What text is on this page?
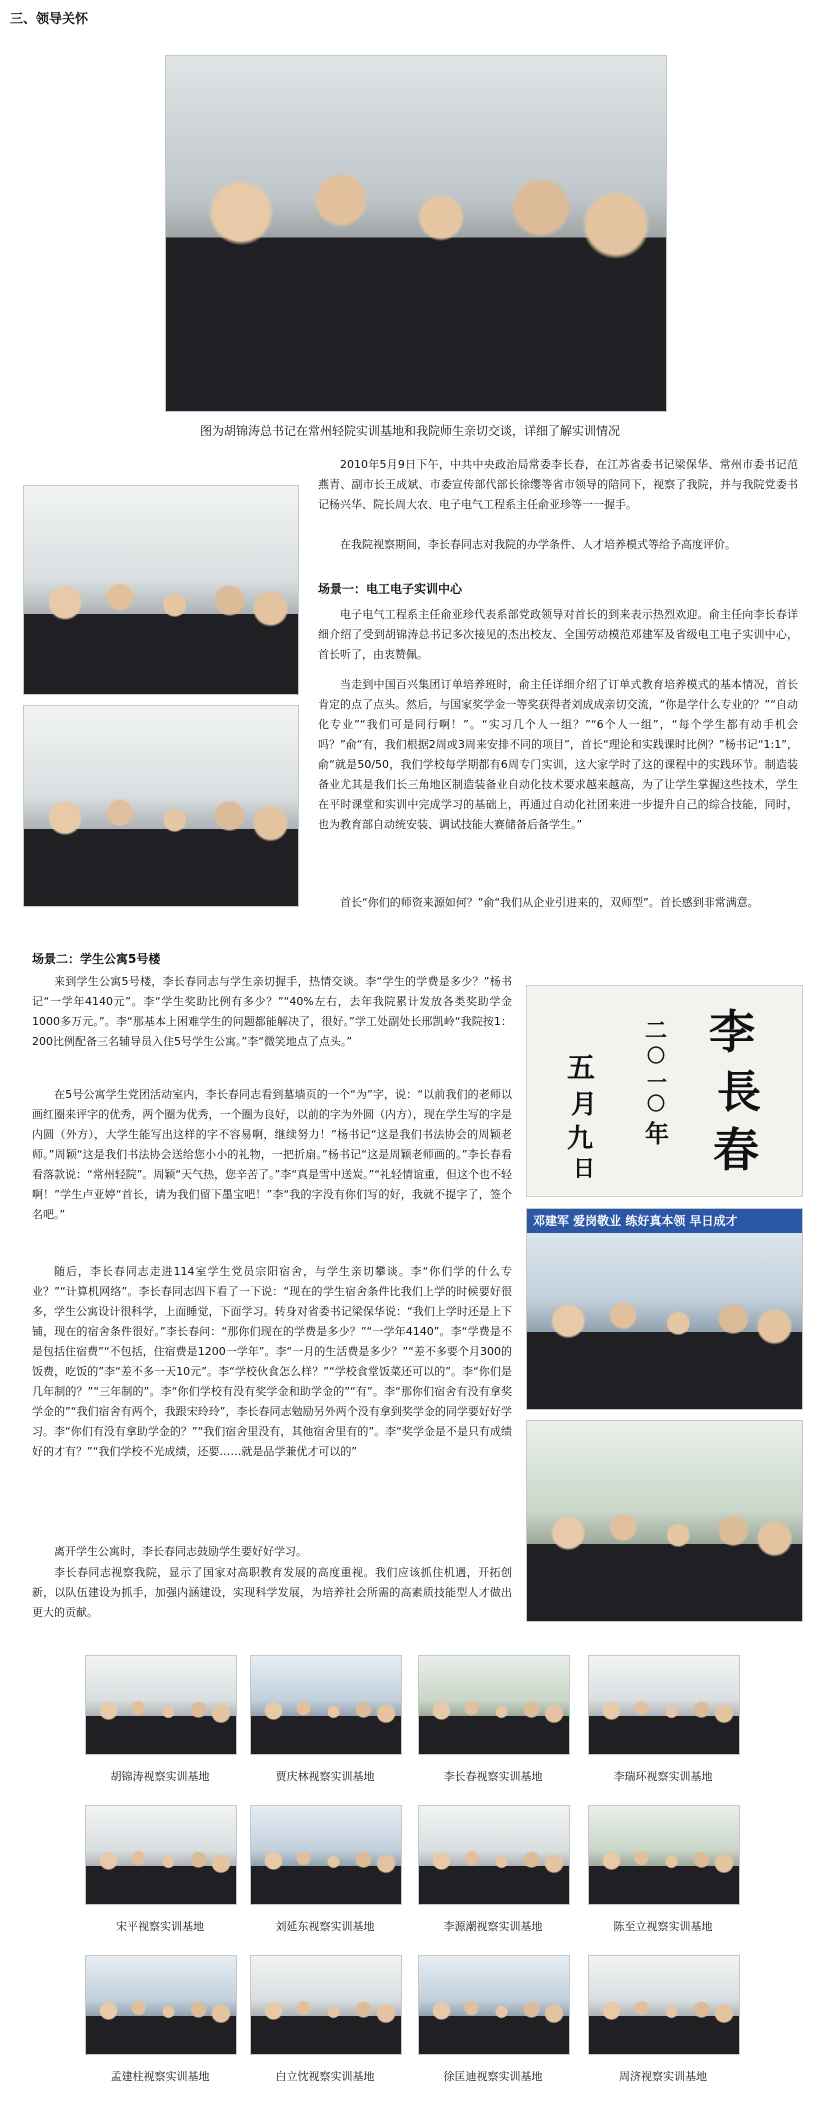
三、领导关怀
图为胡锦涛总书记在常州轻院实训基地和我院师生亲切交谈，详细了解实训情况

2010年5月9日下午，中共中央政治局常委李长春，在江苏省委书记梁保华、常州市委书记范燕青、副市长王成斌、市委宣传部代部长徐缨等省市领导的陪同下，视察了我院，并与我院党委书记杨兴华、院长周大农、电子电气工程系主任俞亚珍等一一握手。

在我院视察期间，李长春同志对我院的办学条件、人才培养模式等给予高度评价。

场景一：电工电子实训中心

电子电气工程系主任俞亚珍代表系部党政领导对首长的到来表示热烈欢迎。俞主任向李长春详细介绍了受到胡锦涛总书记多次接见的杰出校友、全国劳动模范邓建军及省级电工电子实训中心，首长听了，由衷赞佩。

当走到中国百兴集团订单培养班时，俞主任详细介绍了订单式教育培养模式的基本情况，首长肯定的点了点头。然后，与国家奖学金一等奖获得者刘成成亲切交流，“你是学什么专业的？”“自动化专业”“我们可是同行啊！”。“实习几个人一组？”“6个人一组”，“每个学生都有动手机会吗？”俞“有，我们根据2周或3周来安排不同的项目”，首长“理论和实践课时比例？”杨书记“1:1”，俞“就是50/50，我们学校每学期都有6周专门实训，这大家学时了这的课程中的实践环节。制造装备业尤其是我们长三角地区制造装备业自动化技术要求越来越高，为了让学生掌握这些技术，学生在平时课堂和实训中完成学习的基础上，再通过自动化社团来进一步提升自己的综合技能，同时，也为教育部自动统安装、调试技能大赛储备后备学生。”

首长“你们的师资来源如何？”俞“我们从企业引进来的，双师型”。首长感到非常满意。

场景二：学生公寓5号楼

来到学生公寓5号楼，李长春同志与学生亲切握手，热情交谈。李“学生的学费是多少？”杨书记“一学年4140元”。李“学生奖助比例有多少？”“40%左右，去年我院累计发放各类奖助学金1000多万元。”。李“那基本上困难学生的问题都能解决了，很好。”学工处副处长邢凯岭“我院按1：200比例配备三名辅导员入住5号学生公寓。”李“微笑地点了点头。”

在5号公寓学生党团活动室内，李长春同志看到墓墙页的一个“为”字，说：“以前我们的老师以画红圈来评字的优秀，两个圈为优秀，一个圈为良好，以前的字为外圆（内方），现在学生写的字是内圆（外方），大学生能写出这样的字不容易啊，继续努力！”杨书记“这是我们书法协会的周颖老师。”周颖“这是我们书法协会送给您小小的礼物，一把折扇。”杨书记“这是周颖老师画的。”李长春看看落款说：“常州轻院”。周颖“天气热，您辛苦了。”李“真是雪中送炭。”“礼轻情谊重，但这个也不轻啊！”学生卢亚婷“首长，请为我们留下墨宝吧！”李“我的字没有你们写的好，我就不提字了，签个名吧。”

随后，李长春同志走进114室学生党员宗阳宿舍，与学生亲切攀谈。李“你们学的什么专业？”“计算机网络”。李长春同志四下看了一下说：“现在的学生宿舍条件比我们上学的时候要好很多，学生公寓设计很科学，上面睡觉，下面学习。转身对省委书记梁保华说：“我们上学时还是上下铺，现在的宿舍条件很好。”李长春问：“那你们现在的学费是多少？”“一学年4140”。李“学费是不是包括住宿费”“不包括，住宿费是1200一学年”。李“一月的生活费是多少？”“差不多要个月300的饭费，吃饭的”李“差不多一天10元”。李“学校伙食怎么样？”“学校食堂饭菜还可以的”。李“你们是几年制的？”“三年制的”。李“你们学校有没有奖学金和助学金的”“有”。李“那你们宿舍有没有拿奖学金的”“我们宿舍有两个，我跟宋玲玲”，李长春同志勉励另外两个没有拿到奖学金的同学要好好学习。李“你们有没有拿助学金的？”“我们宿舍里没有，其他宿舍里有的”。李“奖学金是不是只有成绩好的才有？”“我们学校不光成绩，还要……就是品学兼优才可以的”

离开学生公寓时，李长春同志鼓励学生要好好学习。

李长春同志视察我院，显示了国家对高职教育发展的高度重视。我们应该抓住机遇，开拓创新，以队伍建设为抓手，加强内涵建设，实现科学发展，为培养社会所需的高素质技能型人才做出更大的贡献。

李
長
春
二
〇
一
〇
年
五
月
九
日
邓建军 爱岗敬业 练好真本领 早日成才
胡锦涛视察实训基地	贾庆林视察实训基地	李长春视察实训基地	李瑞环视察实训基地
宋平视察实训基地	刘延东视察实训基地	李源潮视察实训基地	陈至立视察实训基地
孟建柱视察实训基地	白立忱视察实训基地	徐匡迪视察实训基地	周济视察实训基地
